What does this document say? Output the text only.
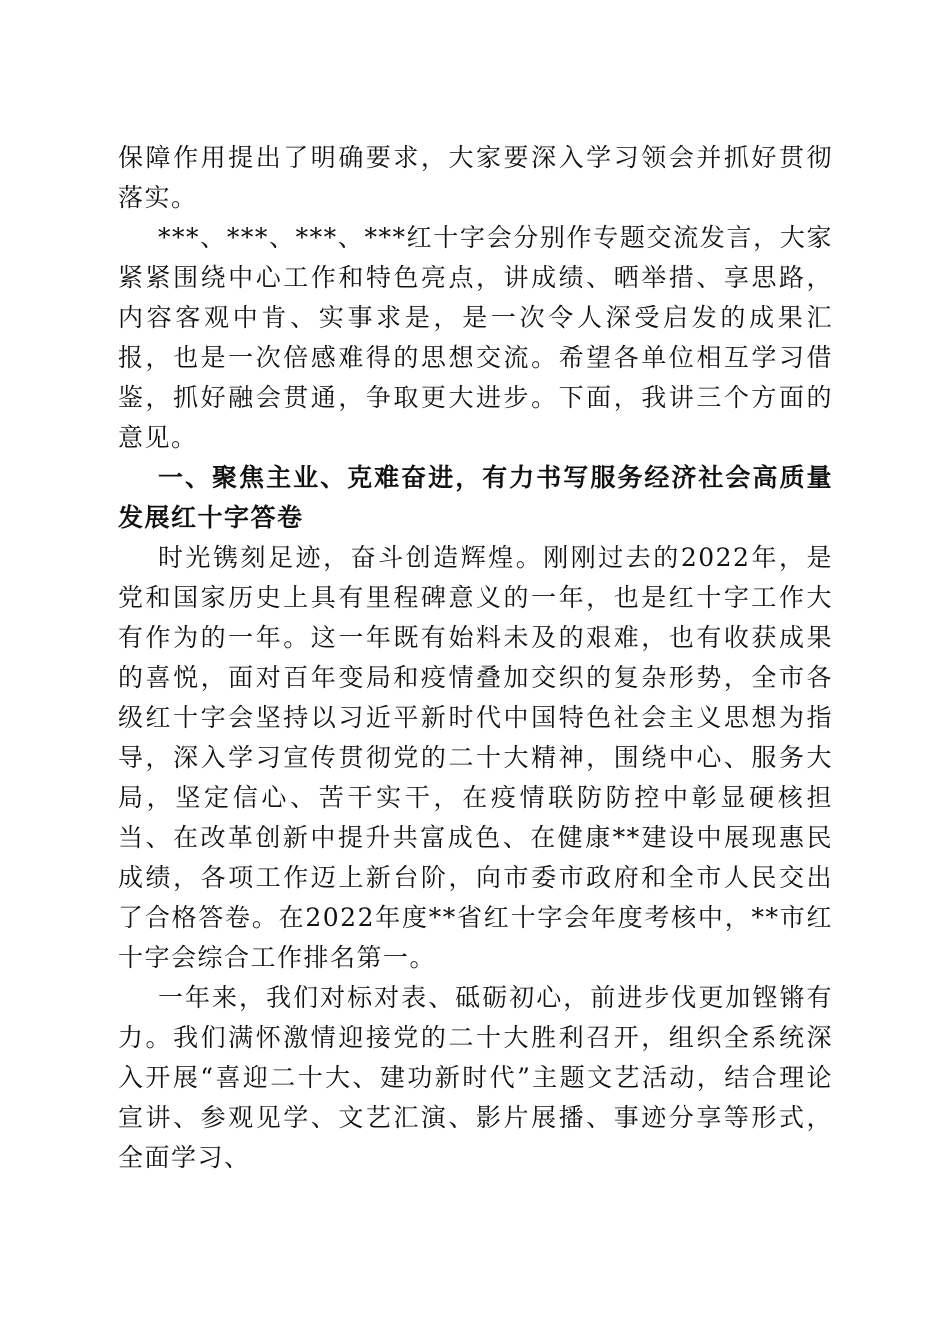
保障作用提出了明确要求，大家要深入学习领会并抓好贯彻落实。

***、***、***、***红十字会分别作专题交流发言，大家紧紧围绕中心工作和特色亮点，讲成绩、晒举措、享思路，内容客观中肯、实事求是，是一次令人深受启发的成果汇报，也是一次倍感难得的思想交流。希望各单位相互学习借鉴，抓好融会贯通，争取更大进步。下面，我讲三个方面的意见。

一、聚焦主业、克难奋进，有力书写服务经济社会高质量发展红十字答卷

时光镌刻足迹，奋斗创造辉煌。刚刚过去的2022年，是党和国家历史上具有里程碑意义的一年，也是红十字工作大有作为的一年。这一年既有始料未及的艰难，也有收获成果的喜悦，面对百年变局和疫情叠加交织的复杂形势，全市各级红十字会坚持以习近平新时代中国特色社会主义思想为指导，深入学习宣传贯彻党的二十大精神，围绕中心、服务大局，坚定信心、苦干实干，在疫情联防防控中彰显硬核担当、在改革创新中提升共富成色、在健康**建设中展现惠民成绩，各项工作迈上新台阶，向市委市政府和全市人民交出了合格答卷。在2022年度**省红十字会年度考核中，**市红十字会综合工作排名第一。

一年来，我们对标对表、砥砺初心，前进步伐更加铿锵有力。我们满怀激情迎接党的二十大胜利召开，组织全系统深入开展“喜迎二十大、建功新时代”主题文艺活动，结合理论宣讲、参观见学、文艺汇演、影片展播、事迹分享等形式，全面学习、
